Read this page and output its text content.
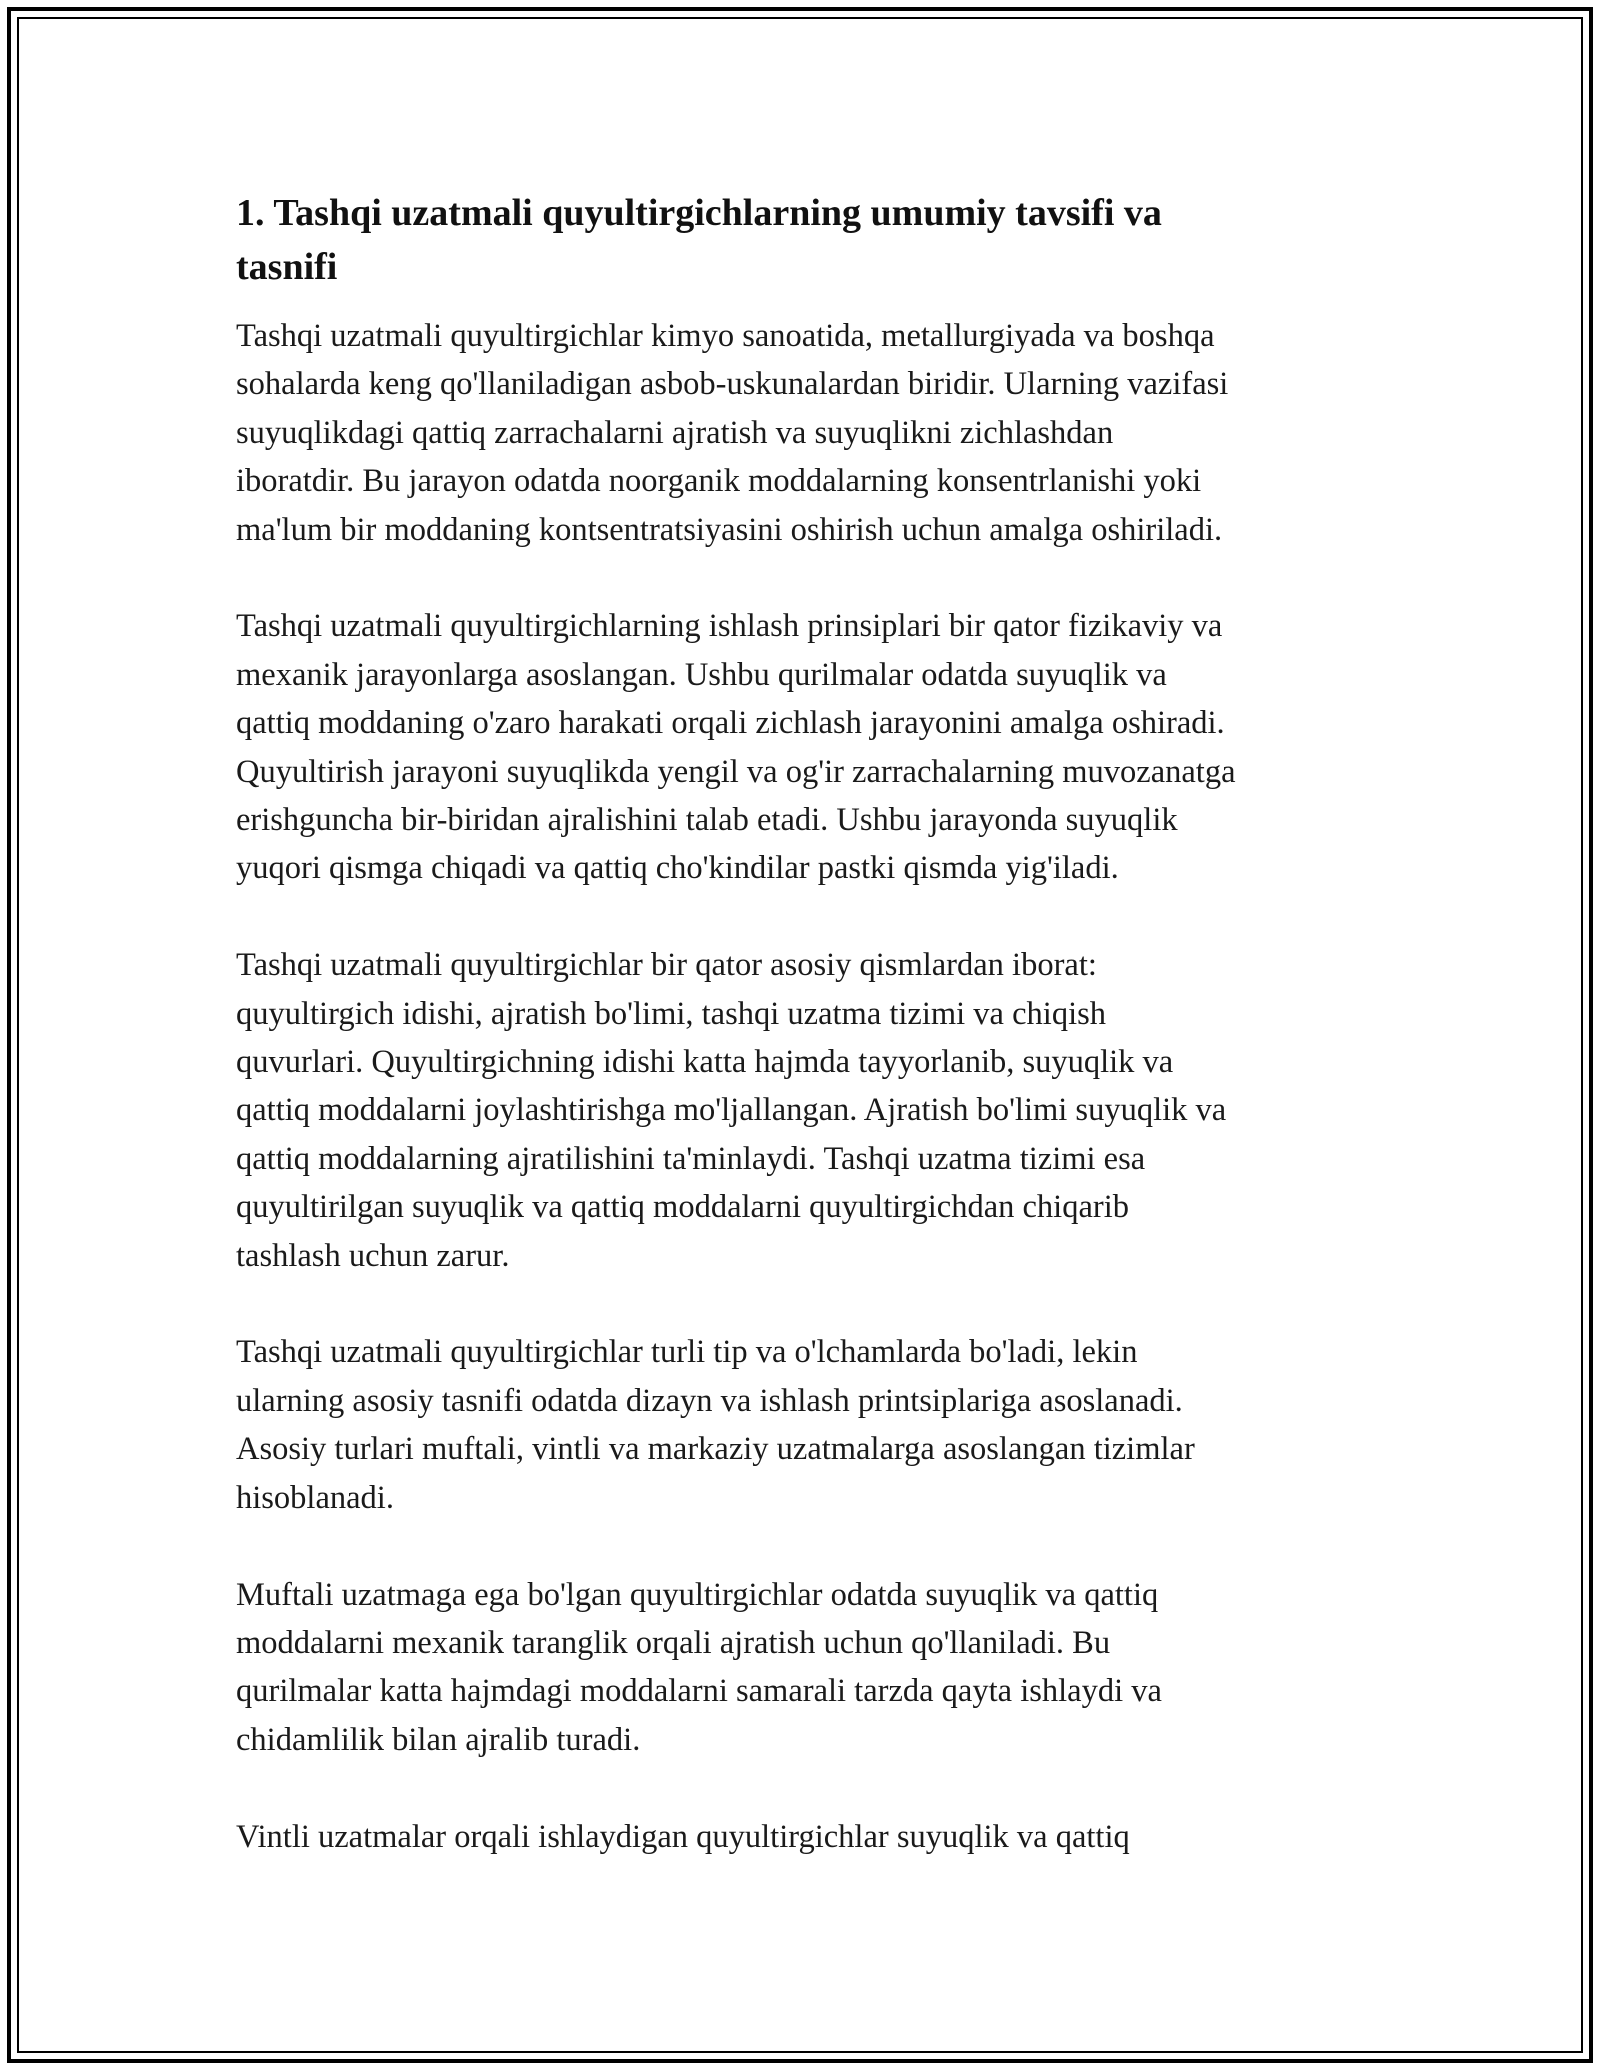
1. Tashqi uzatmali quyultirgichlarning umumiy tavsifi va
tasnifi

Tashqi uzatmali quyultirgichlar kimyo sanoatida, metallurgiyada va boshqa
sohalarda keng qo'llaniladigan asbob-uskunalardan biridir. Ularning vazifasi
suyuqlikdagi qattiq zarrachalarni ajratish va suyuqlikni zichlashdan
iboratdir. Bu jarayon odatda noorganik moddalarning konsentrlanishi yoki
ma'lum bir moddaning kontsentratsiyasini oshirish uchun amalga oshiriladi.

Tashqi uzatmali quyultirgichlarning ishlash prinsiplari bir qator fizikaviy va
mexanik jarayonlarga asoslangan. Ushbu qurilmalar odatda suyuqlik va
qattiq moddaning o'zaro harakati orqali zichlash jarayonini amalga oshiradi.
Quyultirish jarayoni suyuqlikda yengil va og'ir zarrachalarning muvozanatga
erishguncha bir-biridan ajralishini talab etadi. Ushbu jarayonda suyuqlik
yuqori qismga chiqadi va qattiq cho'kindilar pastki qismda yig'iladi.

Tashqi uzatmali quyultirgichlar bir qator asosiy qismlardan iborat:
quyultirgich idishi, ajratish bo'limi, tashqi uzatma tizimi va chiqish
quvurlari. Quyultirgichning idishi katta hajmda tayyorlanib, suyuqlik va
qattiq moddalarni joylashtirishga mo'ljallangan. Ajratish bo'limi suyuqlik va
qattiq moddalarning ajratilishini ta'minlaydi. Tashqi uzatma tizimi esa
quyultirilgan suyuqlik va qattiq moddalarni quyultirgichdan chiqarib
tashlash uchun zarur.

Tashqi uzatmali quyultirgichlar turli tip va o'lchamlarda bo'ladi, lekin
ularning asosiy tasnifi odatda dizayn va ishlash printsiplariga asoslanadi.
Asosiy turlari muftali, vintli va markaziy uzatmalarga asoslangan tizimlar
hisoblanadi.

Muftali uzatmaga ega bo'lgan quyultirgichlar odatda suyuqlik va qattiq
moddalarni mexanik taranglik orqali ajratish uchun qo'llaniladi. Bu
qurilmalar katta hajmdagi moddalarni samarali tarzda qayta ishlaydi va
chidamlilik bilan ajralib turadi.

Vintli uzatmalar orqali ishlaydigan quyultirgichlar suyuqlik va qattiq
